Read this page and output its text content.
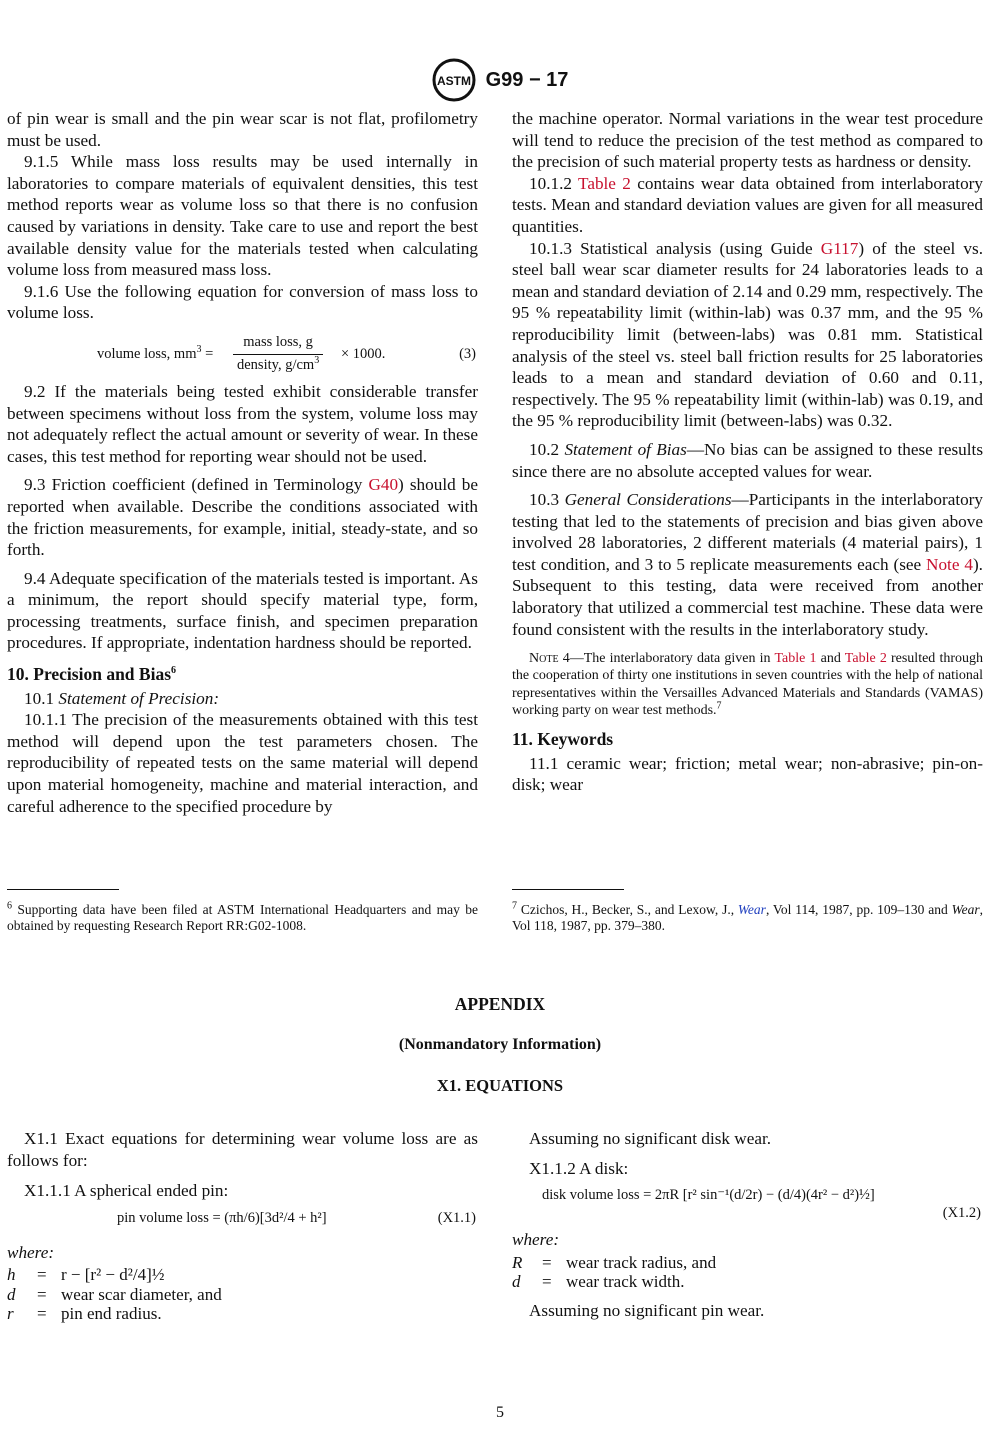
ASTM G99 − 17

of pin wear is small and the pin wear scar is not flat, profilometry must be used.

9.1.5 While mass loss results may be used internally in laboratories to compare materials of equivalent densities, this test method reports wear as volume loss so that there is no confusion caused by variations in density. Take care to use and report the best available density value for the materials tested when calculating volume loss from measured mass loss.

9.1.6 Use the following equation for conversion of mass loss to volume loss.

volume loss, $mm^3$ =
mass loss, g
density, $g/cm^3 \times 1000$.	(3)

9.2 If the materials being tested exhibit considerable transfer between specimens without loss from the system, volume loss may not adequately reflect the actual amount or severity of wear. In these cases, this test method for reporting wear should not be used.

9.3 Friction coefficient (defined in Terminology G40) should be reported when available. Describe the conditions associated with the friction measurements, for example, initial, steady-state, and so forth.

9.4 Adequate specification of the materials tested is important. As a minimum, the report should specify material type, form, processing treatments, surface finish, and specimen preparation procedures. If appropriate, indentation hardness should be reported.

10. Precision and Bias$^6$

10.1 Statement of Precision:

10.1.1 The precision of the measurements obtained with this test method will depend upon the test parameters chosen. The reproducibility of repeated tests on the same material will depend upon material homogeneity, machine and material interaction, and careful adherence to the specified procedure by

the machine operator. Normal variations in the wear test procedure will tend to reduce the precision of the test method as compared to the precision of such material property tests as hardness or density.

10.1.2 Table 2 contains wear data obtained from interlaboratory tests. Mean and standard deviation values are given for all measured quantities.

10.1.3 Statistical analysis (using Guide G117) of the steel vs. steel ball wear scar diameter results for 24 laboratories leads to a mean and standard deviation of 2.14 and 0.29 mm, respectively. The 95 % repeatability limit (within-lab) was 0.37 mm, and the 95 % reproducibility limit (between-labs) was 0.81 mm. Statistical analysis of the steel vs. steel ball friction results for 25 laboratories leads to a mean and standard deviation of 0.60 and 0.11, respectively. The 95 % repeatability limit (within-lab) was 0.19, and the 95 % reproducibility limit (between-labs) was 0.32.

10.2 Statement of Bias—No bias can be assigned to these results since there are no absolute accepted values for wear.

10.3 General Considerations—Participants in the interlaboratory testing that led to the statements of precision and bias given above involved 28 laboratories, 2 different materials (4 material pairs), 1 test condition, and 3 to 5 replicate measurements each (see Note 4). Subsequent to this testing, data were received from another laboratory that utilized a commercial test machine. These data were found consistent with the results in the interlaboratory study.

Note 4—The interlaboratory data given in Table 1 and Table 2 resulted through the cooperation of thirty one institutions in seven countries with the help of national representatives within the Versailles Advanced Materials and Standards (VAMAS) working party on wear test methods.$^7$

11. Keywords

11.1 ceramic wear; friction; metal wear; non-abrasive; pin-on-disk; wear

$^6$ Supporting data have been filed at ASTM International Headquarters and may be obtained by requesting Research Report RR:G02-1008.
$^7$ Czichos, H., Becker, S., and Lexow, J., Wear, Vol 114, 1987, pp. 109–130 and Wear, Vol 118, 1987, pp. 379–380.
APPENDIX
(Nonmandatory Information)
X1. EQUATIONS

X1.1 Exact equations for determining wear volume loss are as follows for:

X1.1.1 A spherical ended pin:

pin volume loss = (πh/6)[3d²/4 + h²]	(X1.1)

where:

h	=	r − [r² − d²/4]½
d	=	wear scar diameter, and
r	=	pin end radius.

Assuming no significant disk wear.

X1.1.2 A disk:

disk volume loss = 2πR [r² sin⁻¹(d/2r) − (d/4)(4r² − d²)½]
(X1.2)

where:

R	=	wear track radius, and
d	=	wear track width.

Assuming no significant pin wear.

5
